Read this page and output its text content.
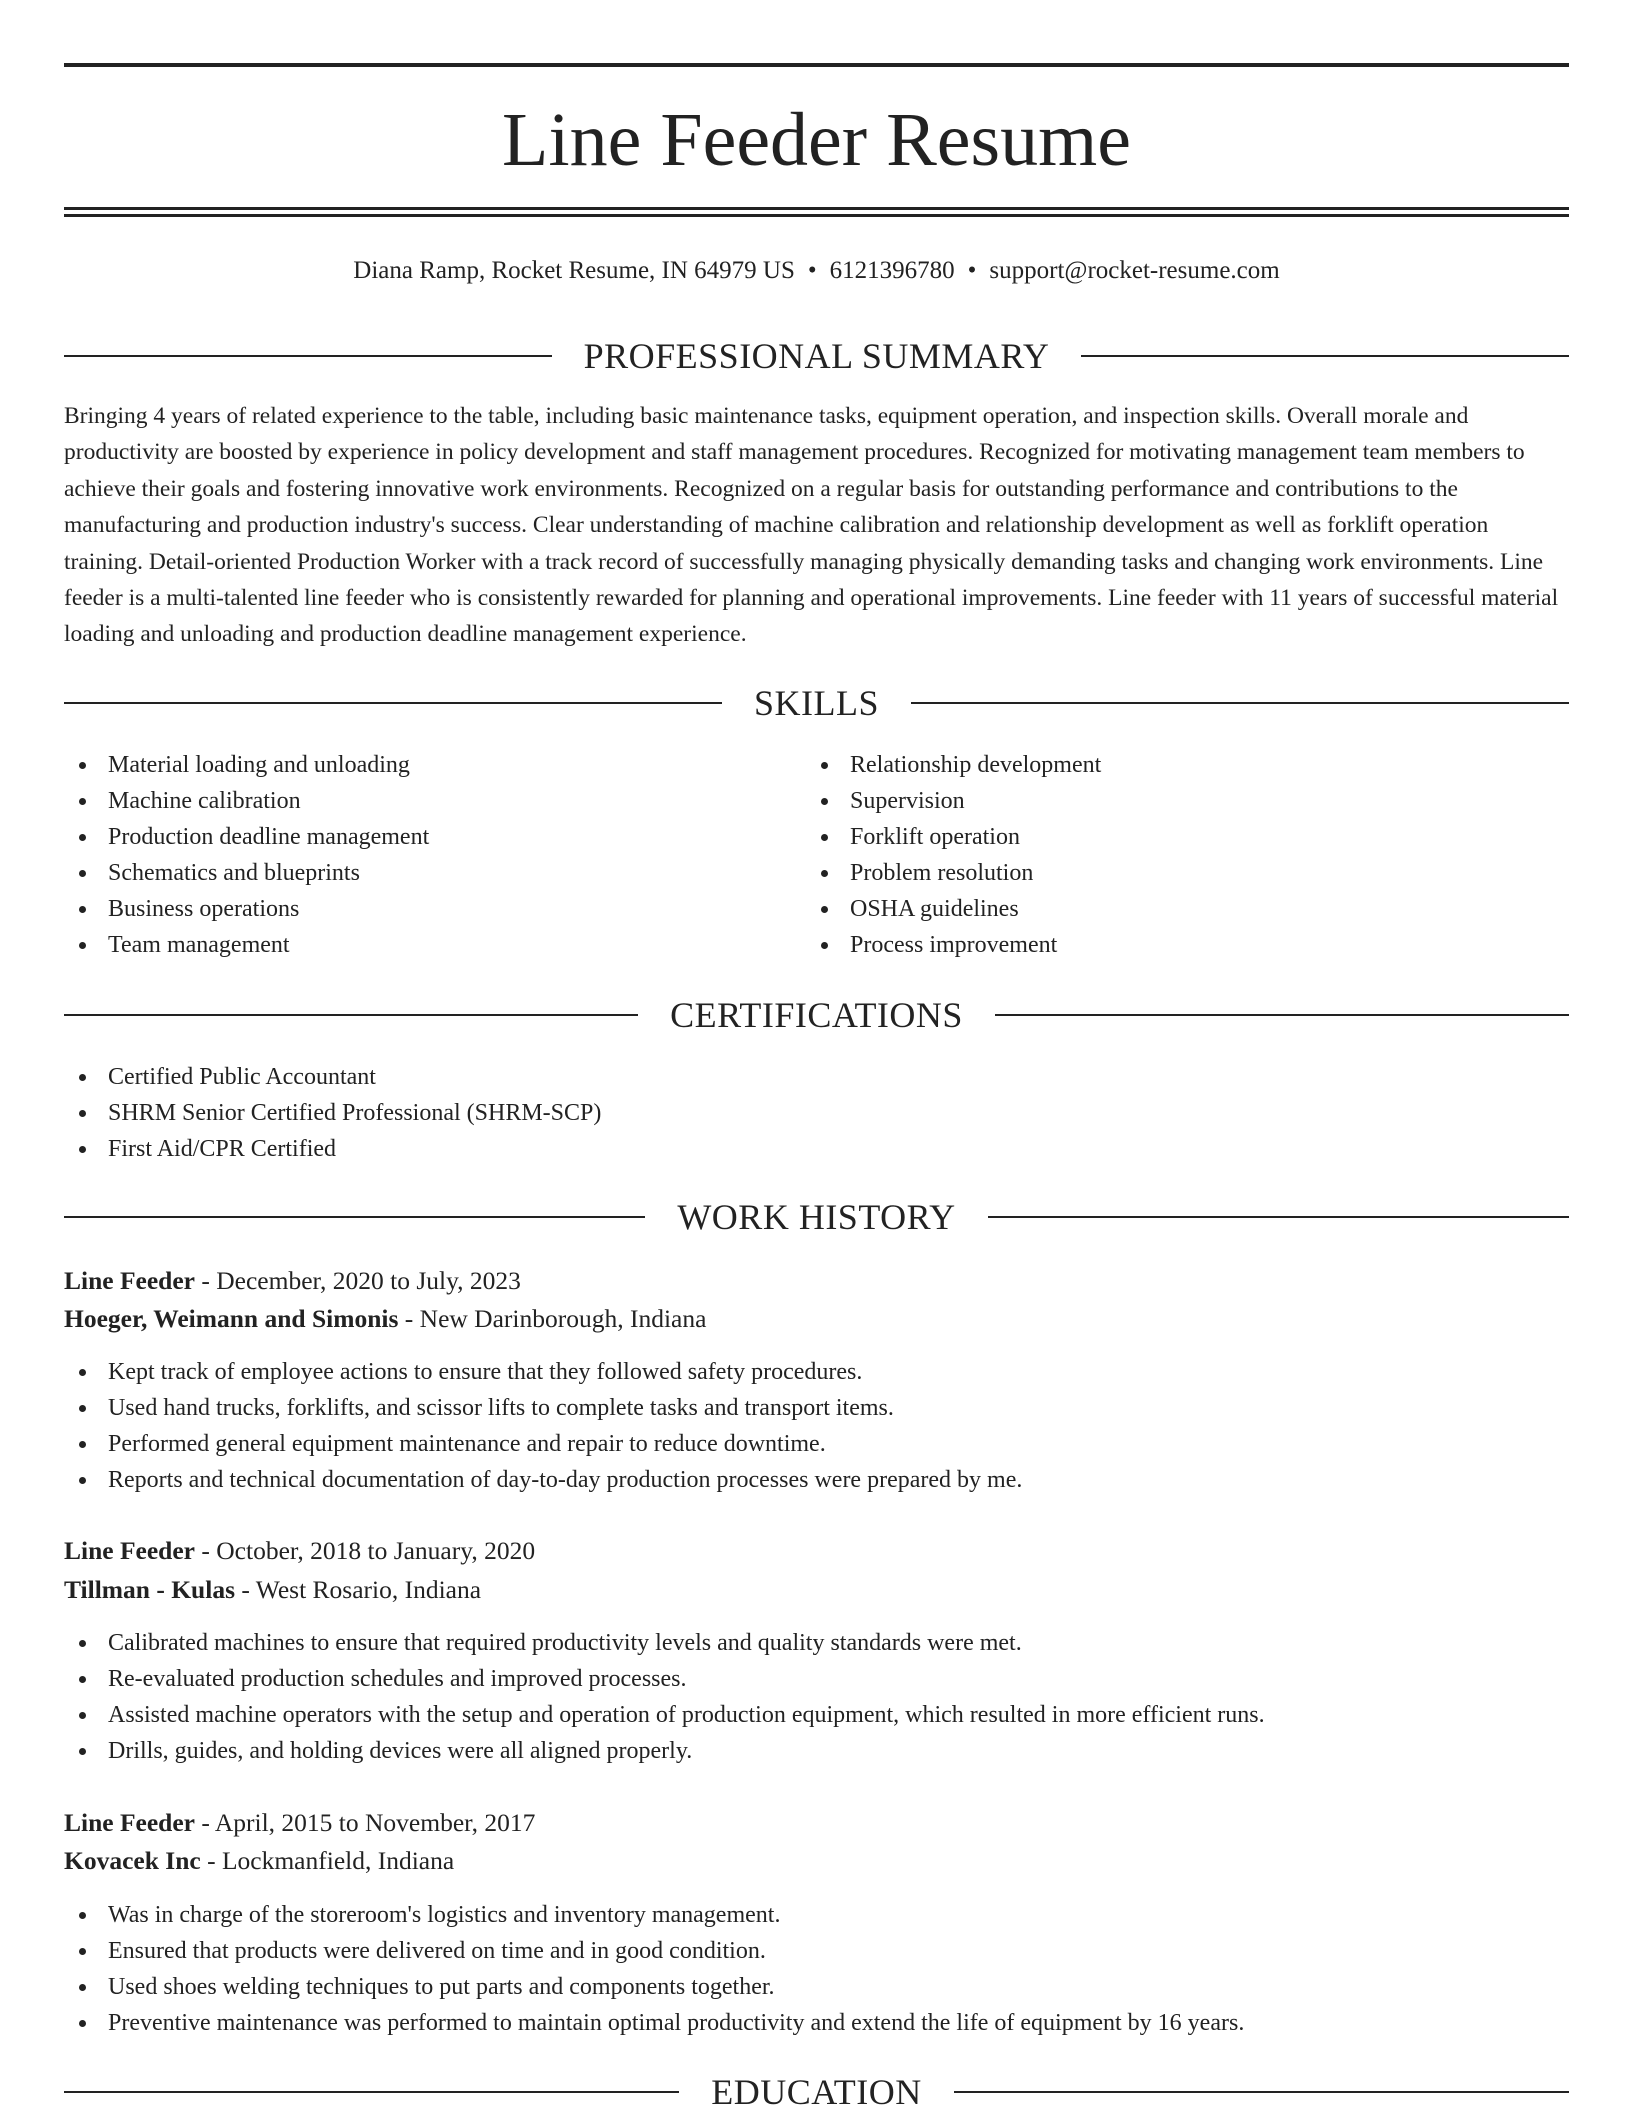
Line Feeder Resume
Diana Ramp, Rocket Resume, IN 64979 US • 6121396780 • support@rocket-resume.com
PROFESSIONAL SUMMARY

Bringing 4 years of related experience to the table, including basic maintenance tasks, equipment operation, and inspection skills. Overall morale and productivity are boosted by experience in policy development and staff management procedures. Recognized for motivating management team members to achieve their goals and fostering innovative work environments. Recognized on a regular basis for outstanding performance and contributions to the manufacturing and production industry's success. Clear understanding of machine calibration and relationship development as well as forklift operation training. Detail-oriented Production Worker with a track record of successfully managing physically demanding tasks and changing work environments. Line feeder is a multi-talented line feeder who is consistently rewarded for planning and operational improvements. Line feeder with 11 years of successful material loading and unloading and production deadline management experience.

SKILLS
Material loading and unloading
Machine calibration
Production deadline management
Schematics and blueprints
Business operations
Team management
Relationship development
Supervision
Forklift operation
Problem resolution
OSHA guidelines
Process improvement
CERTIFICATIONS
Certified Public Accountant
SHRM Senior Certified Professional (SHRM-SCP)
First Aid/CPR Certified
WORK HISTORY
Line Feeder - December, 2020 to July, 2023
Hoeger, Weimann and Simonis - New Darinborough, Indiana
Kept track of employee actions to ensure that they followed safety procedures.
Used hand trucks, forklifts, and scissor lifts to complete tasks and transport items.
Performed general equipment maintenance and repair to reduce downtime.
Reports and technical documentation of day-to-day production processes were prepared by me.
Line Feeder - October, 2018 to January, 2020
Tillman - Kulas - West Rosario, Indiana
Calibrated machines to ensure that required productivity levels and quality standards were met.
Re-evaluated production schedules and improved processes.
Assisted machine operators with the setup and operation of production equipment, which resulted in more efficient runs.
Drills, guides, and holding devices were all aligned properly.
Line Feeder - April, 2015 to November, 2017
Kovacek Inc - Lockmanfield, Indiana
Was in charge of the storeroom's logistics and inventory management.
Ensured that products were delivered on time and in good condition.
Used shoes welding techniques to put parts and components together.
Preventive maintenance was performed to maintain optimal productivity and extend the life of equipment by 16 years.
EDUCATION
